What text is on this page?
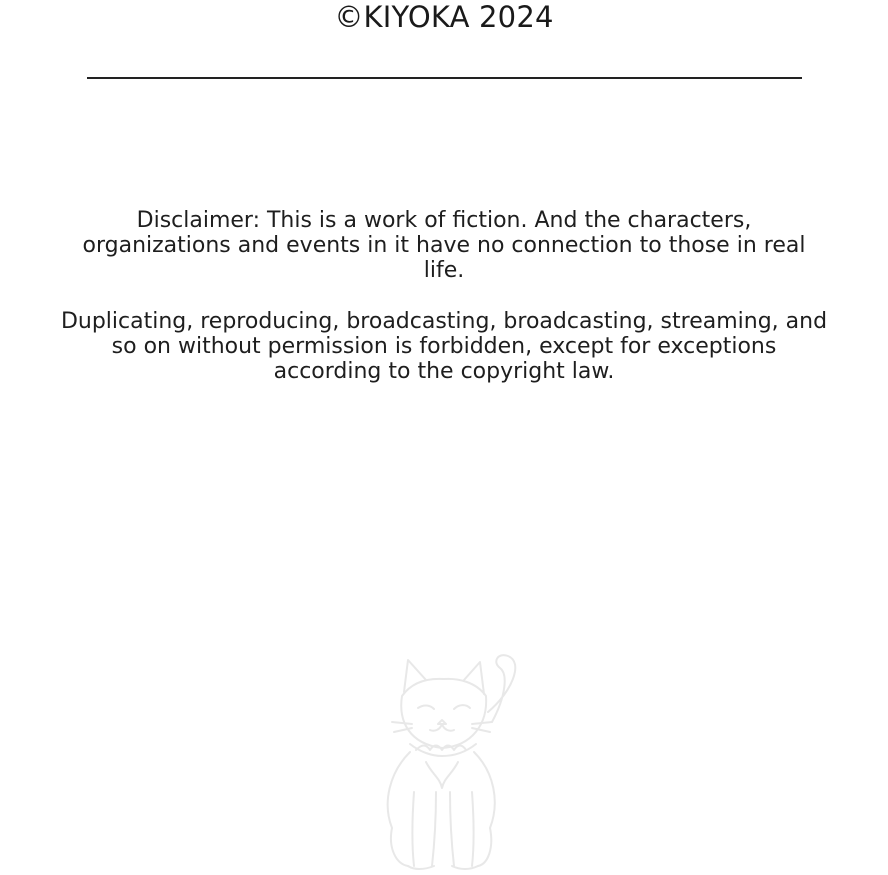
©KIYOKA 2024

Disclaimer: This is a work of fiction. And the characters, organizations and events in it have no connection to those in real life.

Duplicating, reproducing, broadcasting, broadcasting, streaming, and so on without permission is forbidden, except for exceptions according to the copyright law.
